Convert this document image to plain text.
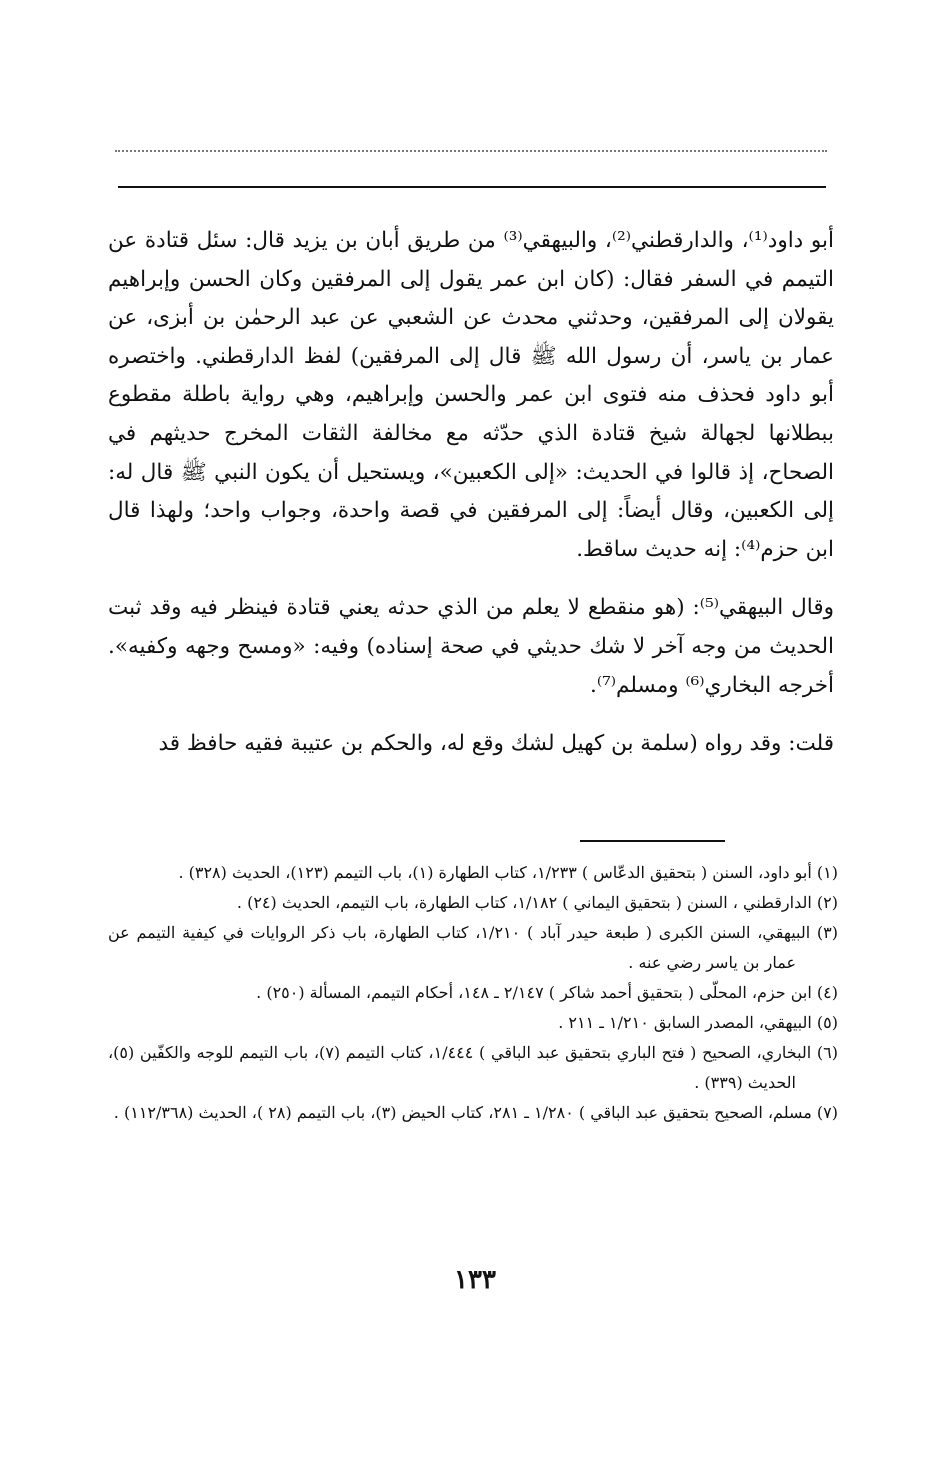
أبو داود⁽¹⁾، والدارقطني⁽²⁾، والبيهقي⁽³⁾ من طريق أبان بن يزيد قال: سئل قتادة عن التيمم في السفر فقال: (كان ابن عمر يقول إلى المرفقين وكان الحسن وإبراهيم يقولان إلى المرفقين، وحدثني محدث عن الشعبي عن عبد الرحمٰن بن أبزى، عن عمار بن ياسر، أن رسول الله ﷺ قال إلى المرفقين) لفظ الدارقطني. واختصره أبو داود فحذف منه فتوى ابن عمر والحسن وإبراهيم، وهي رواية باطلة مقطوع ببطلانها لجهالة شيخ قتادة الذي حدّثه مع مخالفة الثقات المخرج حديثهم في الصحاح، إذ قالوا في الحديث: «إلى الكعبين»، ويستحيل أن يكون النبي ﷺ قال له: إلى الكعبين، وقال أيضاً: إلى المرفقين في قصة واحدة، وجواب واحد؛ ولهذا قال ابن حزم⁽⁴⁾: إنه حديث ساقط.

وقال البيهقي⁽⁵⁾: (هو منقطع لا يعلم من الذي حدثه يعني قتادة فينظر فيه وقد ثبت الحديث من وجه آخر لا شك حديثي في صحة إسناده) وفيه: «ومسح وجهه وكفيه». أخرجه البخاري⁽⁶⁾ ومسلم⁽⁷⁾.

قلت: وقد رواه (سلمة بن كهيل لشك وقع له، والحكم بن عتيبة فقيه حافظ قد

(١) أبو داود، السنن ( بتحقيق الدعّاس ) ١/٢٣٣، كتاب الطهارة (١)، باب التيمم (١٢٣)، الحديث (٣٢٨) .

(٢) الدارقطني ، السنن ( بتحقيق اليماني ) ١/١٨٢، كتاب الطهارة، باب التيمم، الحديث (٢٤) .

(٣) البيهقي، السنن الكبرى ( طبعة حيدر آباد ) ١/٢١٠، كتاب الطهارة، باب ذكر الروايات في كيفية التيمم عن عمار بن ياسر رضي عنه .

(٤) ابن حزم، المحلّى ( بتحقيق أحمد شاكر ) ٢/١٤٧ ـ ١٤٨، أحكام التيمم، المسألة (٢٥٠) .

(٥) البيهقي، المصدر السابق ١/٢١٠ ـ ٢١١ .

(٦) البخاري، الصحيح ( فتح الباري بتحقيق عبد الباقي ) ١/٤٤٤، كتاب التيمم (٧)، باب التيمم للوجه والكفّين (٥)، الحديث (٣٣٩) .

(٧) مسلم، الصحيح بتحقيق عبد الباقي ) ١/٢٨٠ ـ ٢٨١، كتاب الحيض (٣)، باب التيمم (٢٨ )، الحديث (١١٢/٣٦٨) .

١٣٣
